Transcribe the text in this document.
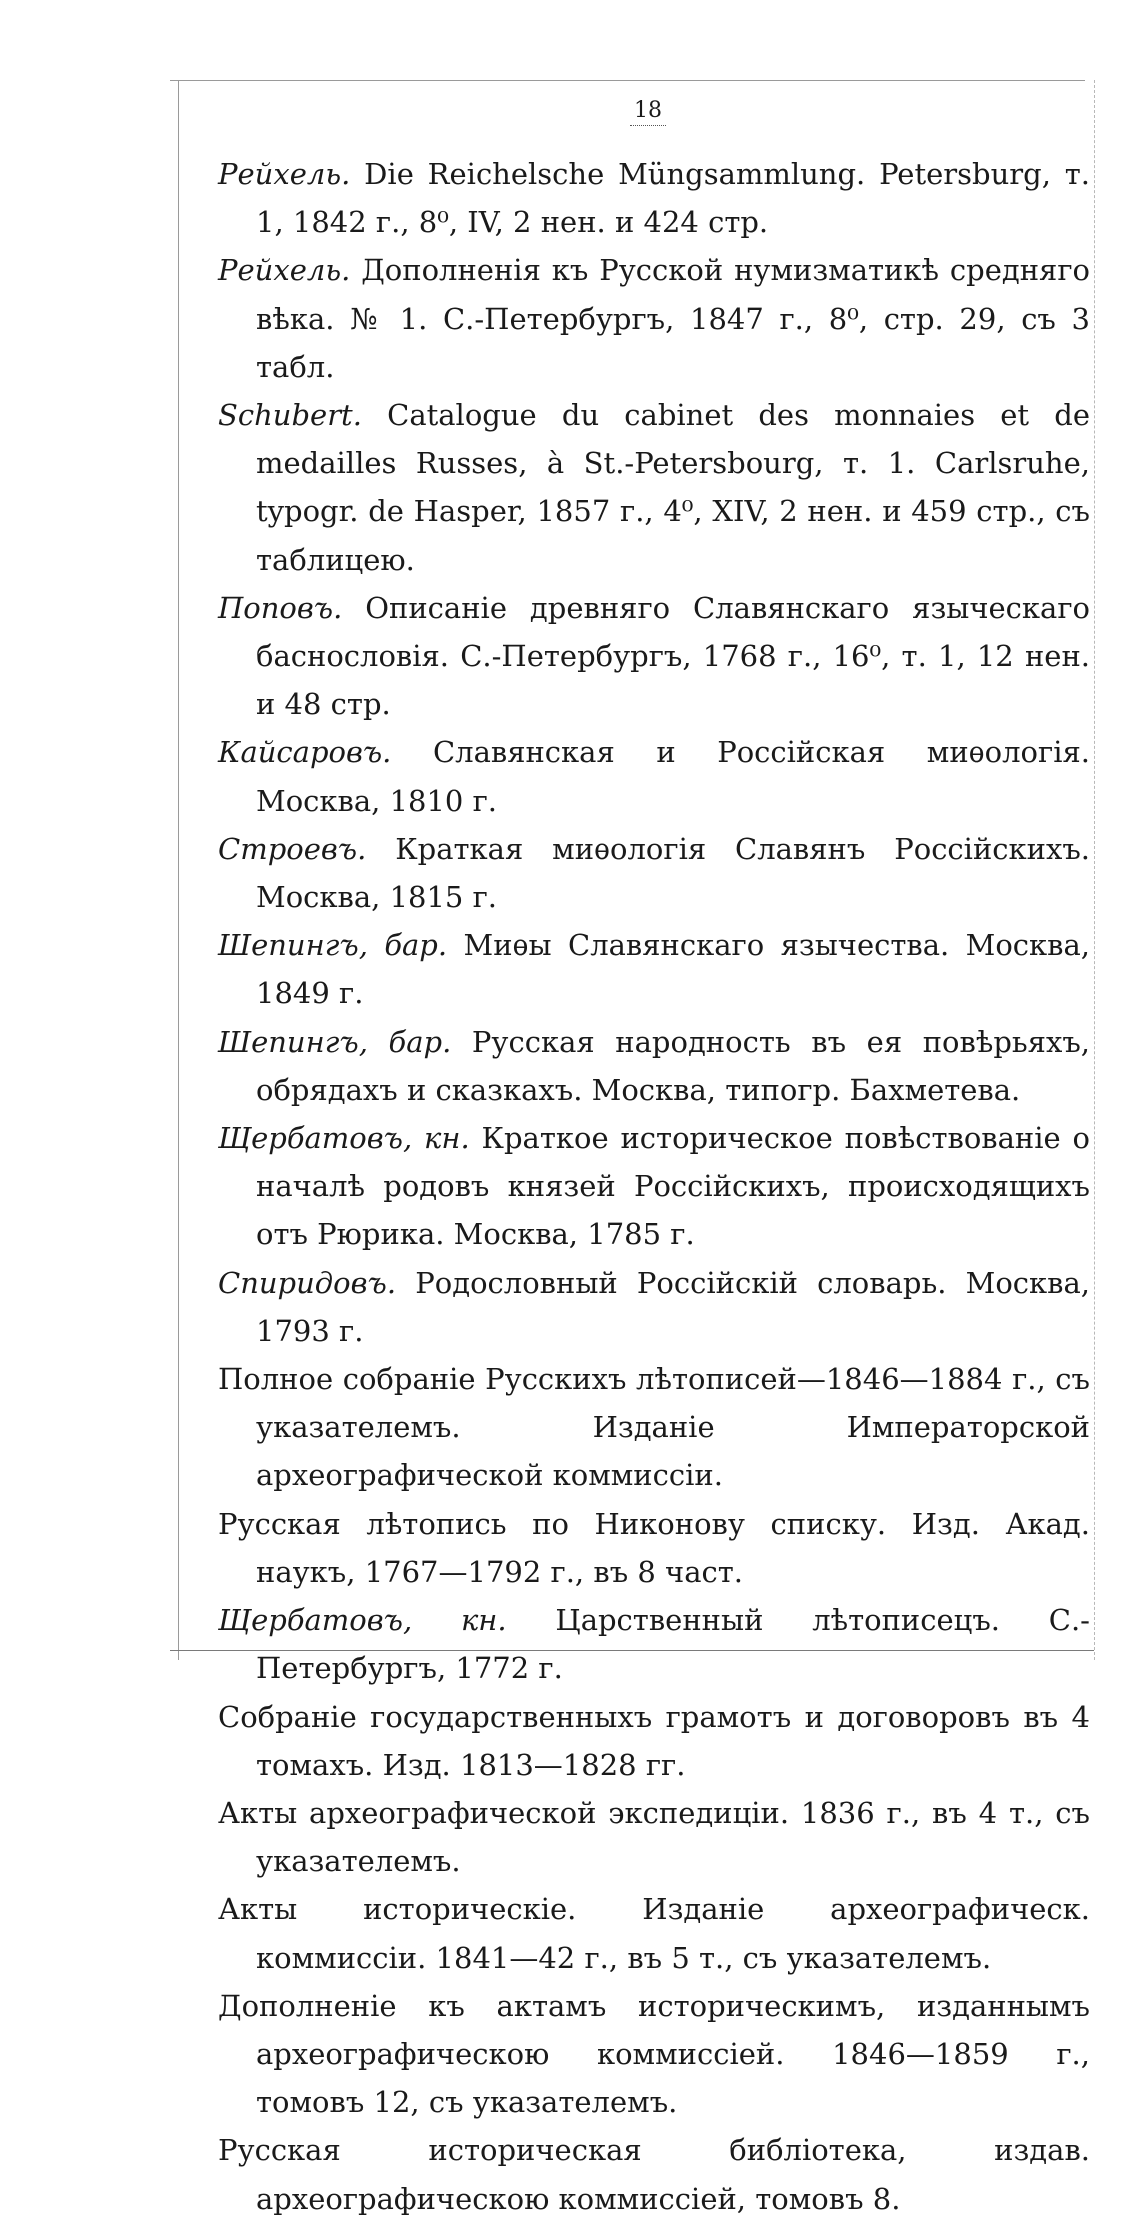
18
Рейхель. Die Reichelsche Müngsammlung. Petersburg, т. 1, 1842 г., 8⁰, IV, 2 нен. и 424 стр.
Рейхель. Дополненія къ Русской нумизматикѣ средняго вѣка. № 1. С.-Петербургъ, 1847 г., 8⁰, стр. 29, съ 3 табл.
Schubert. Catalogue du cabinet des monnaies et de medailles Russes, à St.-Petersbourg, т. 1. Carlsruhe, typogr. de Hasper, 1857 г., 4⁰, XIV, 2 нен. и 459 стр., съ таблицею.
Поповъ. Описаніе древняго Славянскаго языческаго баснословія. С.-Петербургъ, 1768 г., 16⁰, т. 1, 12 нен. и 48 стр.
Кайсаровъ. Славянская и Россійская миѳологія. Москва, 1810 г.
Строевъ. Краткая миѳологія Славянъ Россійскихъ. Москва, 1815 г.
Шепингъ, бар. Миѳы Славянскаго язычества. Москва, 1849 г.
Шепингъ, бар. Русская народность въ ея повѣрьяхъ, обрядахъ и сказкахъ. Москва, типогр. Бахметева.
Щербатовъ, кн. Краткое историческое повѣствованіе о началѣ родовъ князей Россійскихъ, происходящихъ отъ Рюрика. Москва, 1785 г.
Спиридовъ. Родословный Россійскій словарь. Москва, 1793 г.
Полное собраніе Русскихъ лѣтописей—1846—1884 г., съ указателемъ. Изданіе Императорской археографической коммиссіи.
Русская лѣтопись по Никонову списку. Изд. Акад. наукъ, 1767—1792 г., въ 8 част.
Щербатовъ, кн. Царственный лѣтописецъ. С.-Петербургъ, 1772 г.
Собраніе государственныхъ грамотъ и договоровъ въ 4 томахъ. Изд. 1813—1828 гг.
Акты археографической экспедиціи. 1836 г., въ 4 т., съ указателемъ.
Акты историческіе. Изданіе археографическ. коммиссіи. 1841—42 г., въ 5 т., съ указателемъ.
Дополненіе къ актамъ историческимъ, изданнымъ археографическою коммиссіей. 1846—1859 г., томовъ 12, съ указателемъ.
Русская историческая библіотека, издав. археографическою коммиссіей, томовъ 8.
